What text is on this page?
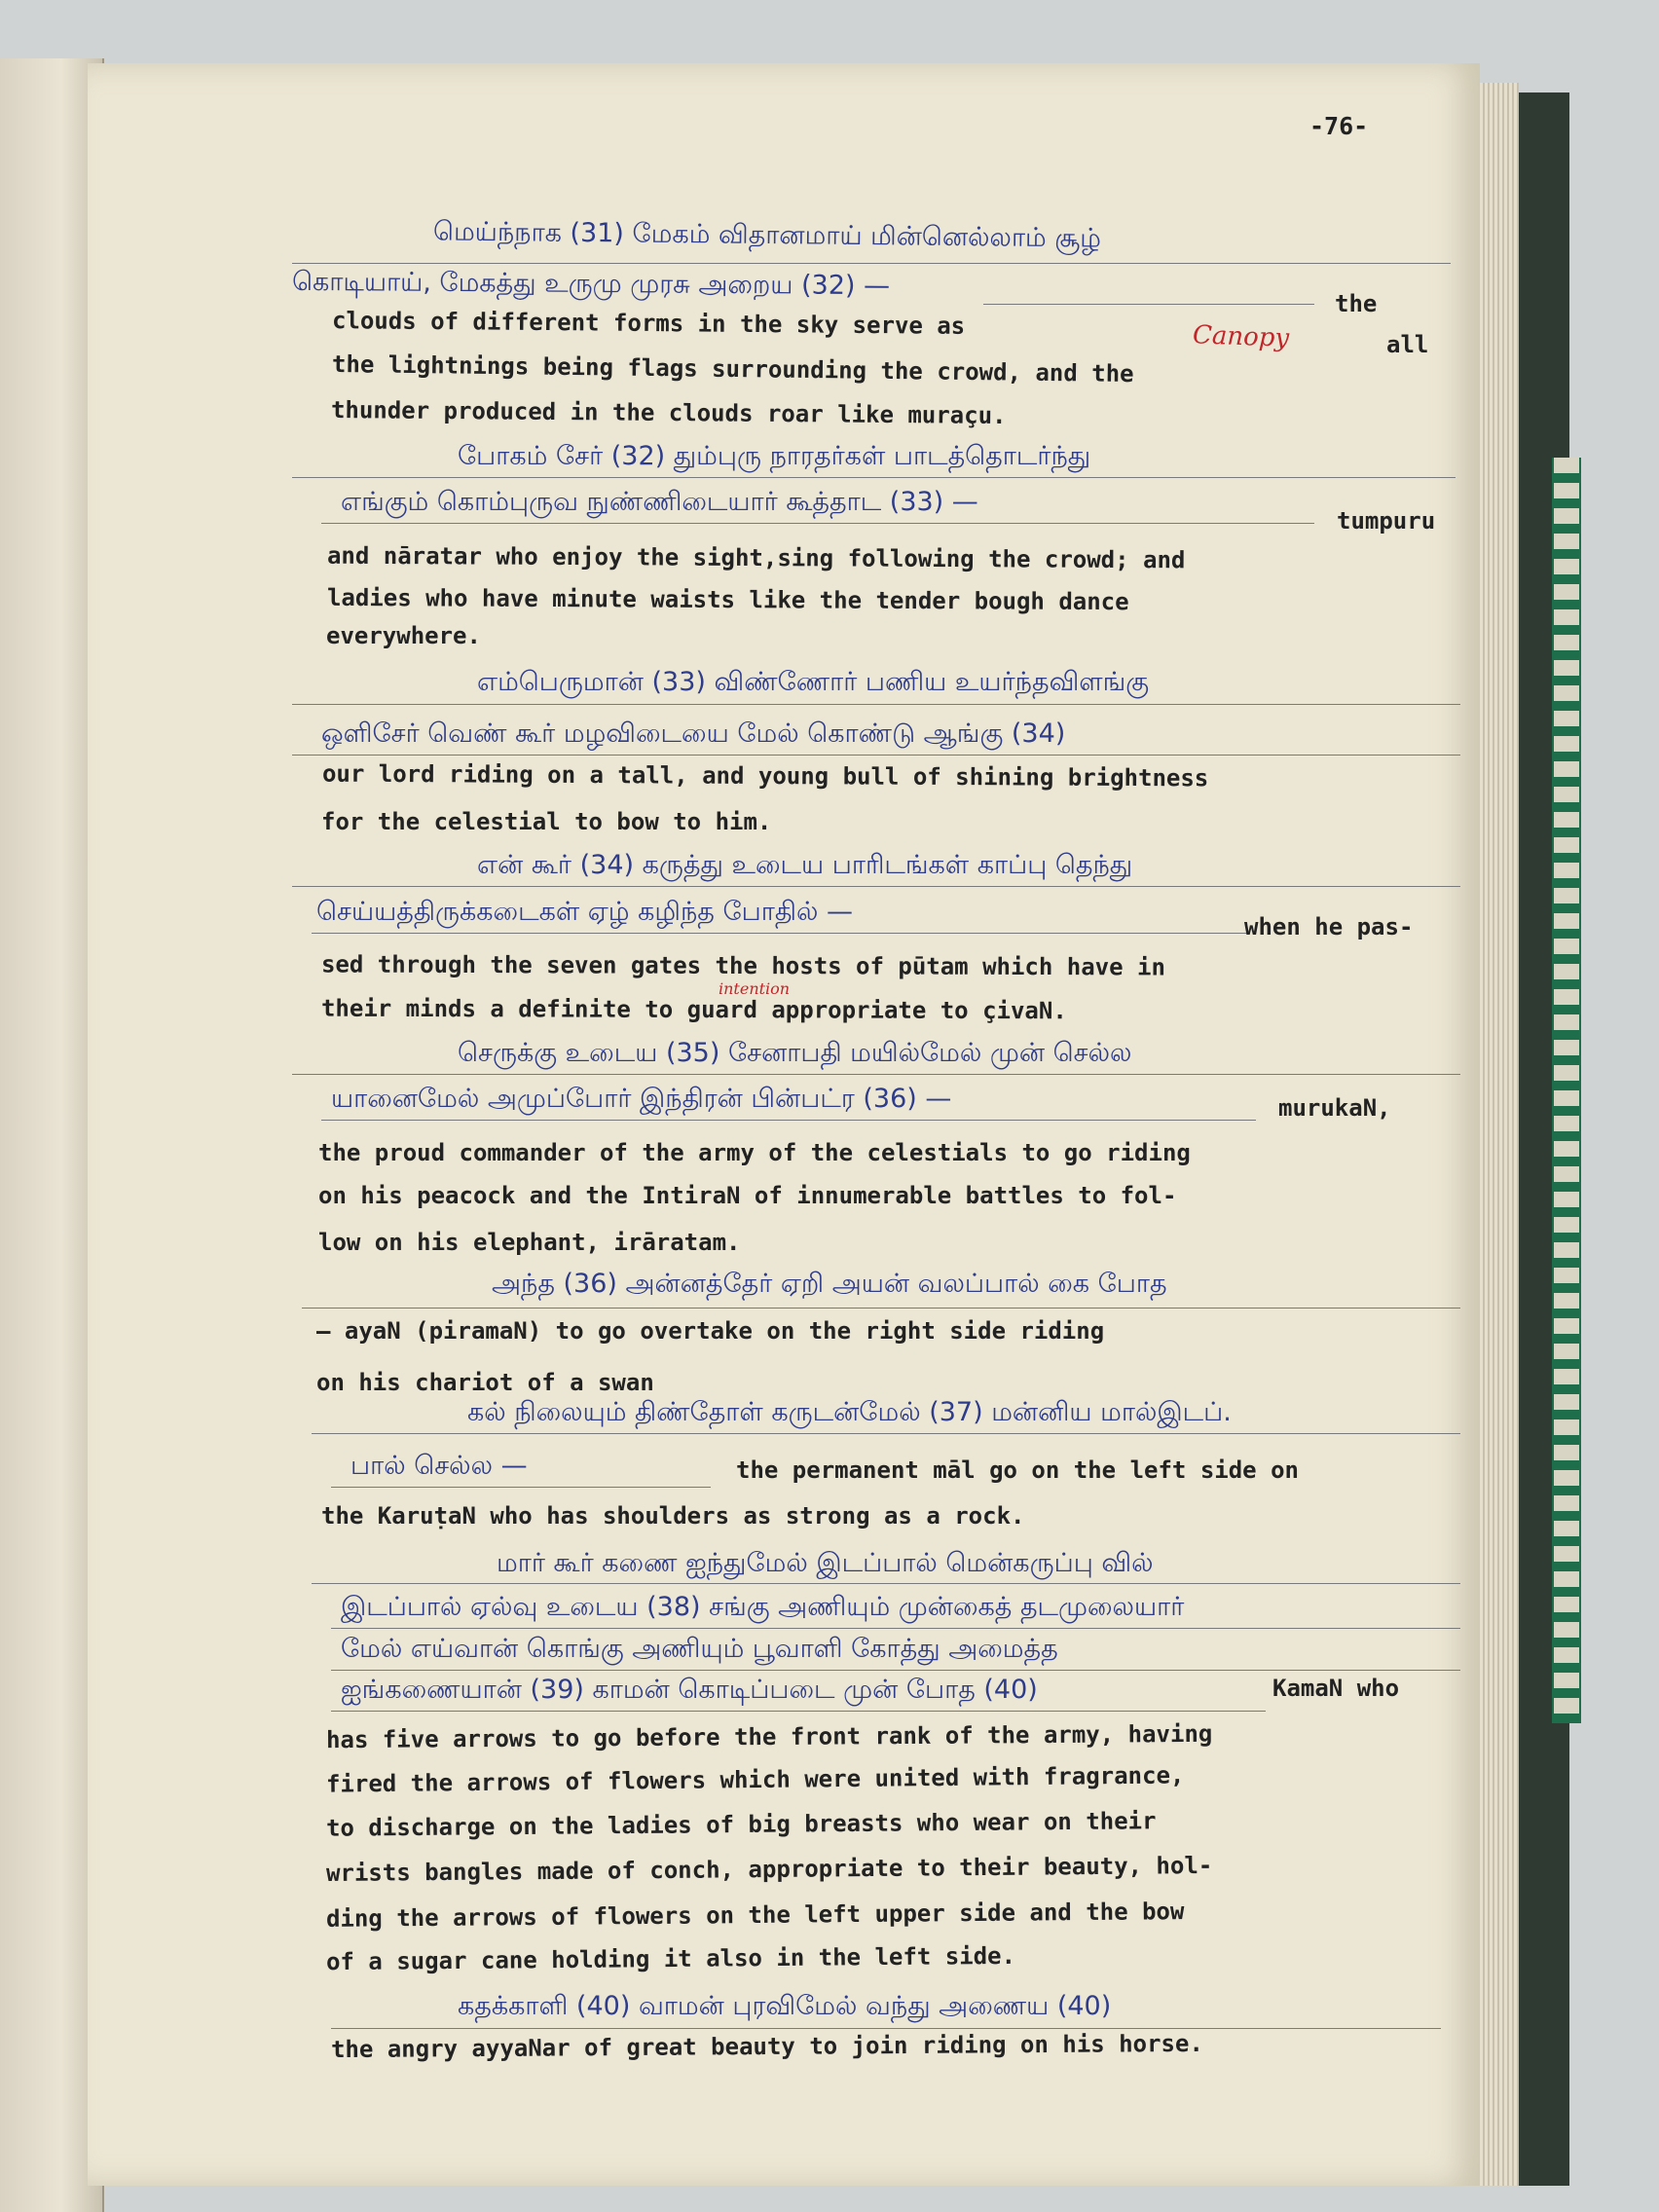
-76-
மெய்ந்நாக (31) மேகம் விதானமாய் மின்னெல்லாம் சூழ்
கொடியாய், மேகத்து உருமு முரசு அறைய (32) —
the
clouds of different forms in the sky serve as	Canopy	all
the lightnings being flags surrounding the crowd, and the
thunder produced in the clouds roar like muraçu.
போகம் சேர் (32) தும்புரு நாரதர்கள் பாடத்தொடர்ந்து
எங்கும் கொம்புருவ நுண்ணிடையார் கூத்தாட (33) —
tumpuru
and nāratar who enjoy the sight,sing following the crowd; and
ladies who have minute waists like the tender bough dance
everywhere.
எம்பெருமான் (33) விண்ணோர் பணிய உயர்ந்தவிளங்கு
ஒளிசேர் வெண் கூர் மழவிடையை மேல் கொண்டு ஆங்கு (34)
our lord riding on a tall, and young bull of shining brightness
for the celestial to bow to him.
என் கூர் (34) கருத்து உடைய பாரிடங்கள் காப்பு தெந்து
செய்யத்திருக்கடைகள் ஏழ் கழிந்த போதில் —	when he pas-
sed through the seven gates the hosts of pūtam which have in
intention
their minds a definite to guard appropriate to çivaN.
செருக்கு உடைய (35) சேனாபதி மயில்மேல் முன் செல்ல
யானைமேல் அமுப்போர் இந்திரன் பின்பட்ர (36) —	murukaN,
the proud commander of the army of the celestials to go riding
on his peacock and the IntiraN of innumerable battles to fol-
low on his elephant, irāratam.
அந்த (36) அன்னத்தேர் ஏறி அயன் வலப்பால் கை போத
— ayaN (piramaN) to go overtake on the right side riding
on his chariot of a swan
கல் நிலையும் திண்தோள் கருடன்மேல் (37) மன்னிய மால்இடப்.
பால் செல்ல —	the permanent māl go on the left side on
the KaruṭaN who has shoulders as strong as a rock.
மார் கூர் கணை ஐந்துமேல் இடப்பால் மென்கருப்பு வில்
இடப்பால் ஏல்வு உடைய (38) சங்கு அணியும் முன்கைத் தடமுலையார்
மேல் எய்வான் கொங்கு அணியும் பூவாளி கோத்து அமைத்த
ஐங்கணையான் (39) காமன் கொடிப்படை முன் போத (40)	KamaN who
has five arrows to go before the front rank of the army, having
fired the arrows of flowers which were united with fragrance,
to discharge on the ladies of big breasts who wear on their
wrists bangles made of conch, appropriate to their beauty, hol-
ding the arrows of flowers on the left upper side and the bow
of a sugar cane holding it also in the left side.
கதக்காளி (40) வாமன் புரவிமேல் வந்து அணைய (40)
the angry ayyaNar of great beauty to join riding on his horse.
